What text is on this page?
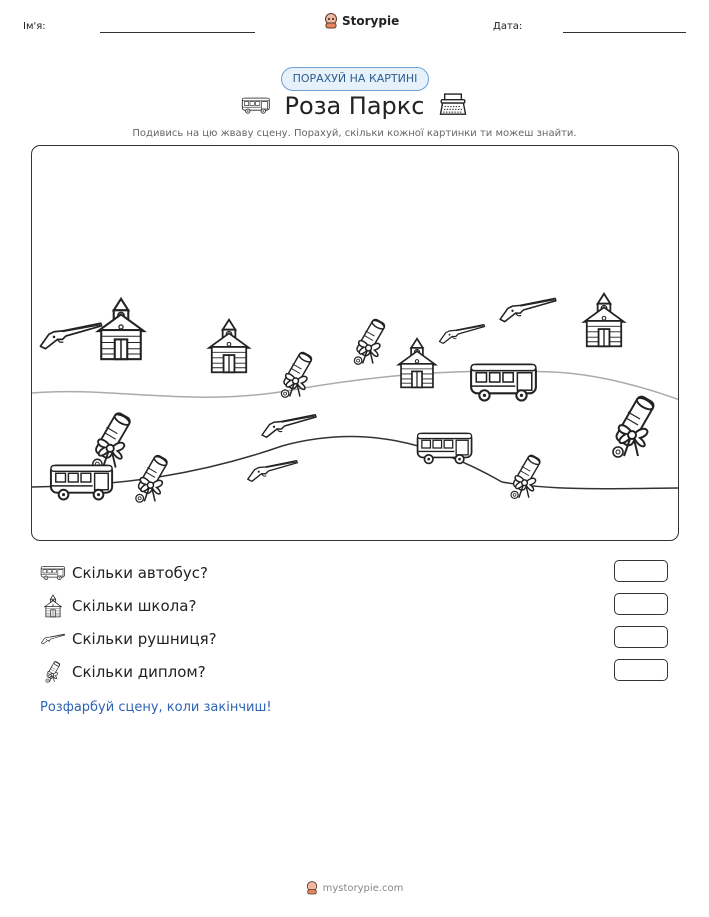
Ім'я:	Storypie	Дата:
ПОРАХУЙ НА КАРТИНІ
Роза Паркс
Подивись на цю жваву сцену. Порахуй, скільки кожної картинки ти можеш знайти.
Скільки автобус?
Скільки школа?
Скільки рушниця?
Скільки диплом?
Розфарбуй сцену, коли закінчиш!
mystorypie.com
